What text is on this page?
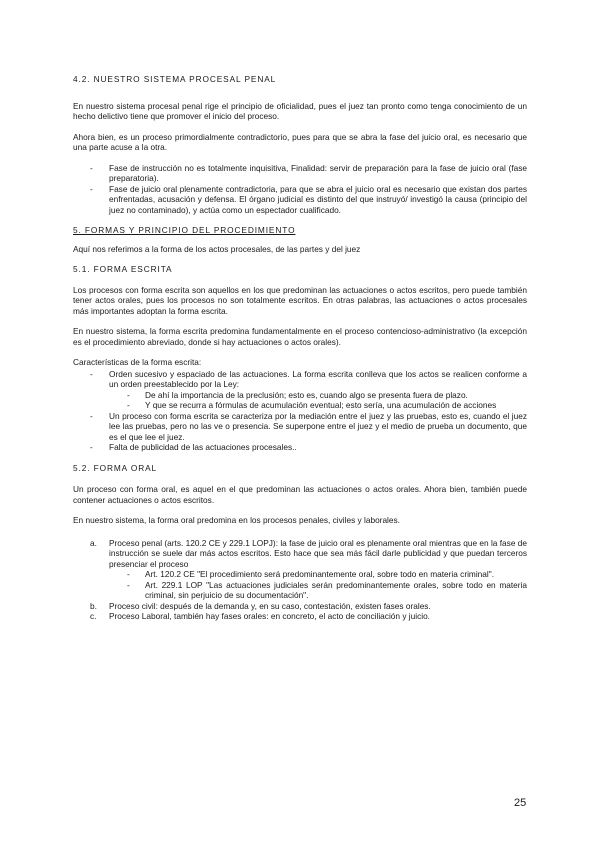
4.2. NUESTRO SISTEMA PROCESAL PENAL

En nuestro sistema procesal penal rige el principio de oficialidad, pues el juez tan pronto como tenga conocimiento de un hecho delictivo tiene que promover el inicio del proceso.

Ahora bien, es un proceso primordialmente contradictorio, pues para que se abra la fase del juicio oral, es necesario que una parte acuse a la otra.

- Fase de instrucción no es totalmente inquisitiva, Finalidad: servir de preparación para la fase de juicio oral (fase preparatoria).
- Fase de juicio oral plenamente contradictoria, para que se abra el juicio oral es necesario que existan dos partes enfrentadas, acusación y defensa. El órgano judicial es distinto del que instruyó/ investigó la causa (principio del juez no contaminado), y actúa como un espectador cualificado.
5. FORMAS Y PRINCIPIO DEL PROCEDIMIENTO

Aquí nos referimos a la forma de los actos procesales, de las partes y del juez

5.1. FORMA ESCRITA

Los procesos con forma escrita son aquellos en los que predominan las actuaciones o actos escritos, pero puede también tener actos orales, pues los procesos no son totalmente escritos. En otras palabras, las actuaciones o actos procesales más importantes adoptan la forma escrita.

En nuestro sistema, la forma escrita predomina fundamentalmente en el proceso contencioso-administrativo (la excepción es el procedimiento abreviado, donde si hay actuaciones o actos orales).

Características de la forma escrita:
- Orden sucesivo y espaciado de las actuaciones. La forma escrita conlleva que los actos se realicen conforme a un orden preestablecido por la Ley:
- De ahí la importancia de la preclusión; esto es, cuando algo se presenta fuera de plazo.
- Y que se recurra a fórmulas de acumulación eventual; esto sería, una acumulación de acciones
- Un proceso con forma escrita se caracteriza por la mediación entre el juez y las pruebas, esto es, cuando el juez lee las pruebas, pero no las ve o presencia. Se superpone entre el juez y el medio de prueba un documento, que es el que lee el juez.
- Falta de publicidad de las actuaciones procesales..
5.2. FORMA ORAL

Un proceso con forma oral, es aquel en el que predominan las actuaciones o actos orales. Ahora bien, también puede contener actuaciones o actos escritos.

En nuestro sistema, la forma oral predomina en los procesos penales, civiles y laborales.

a. Proceso penal (arts. 120.2 CE y 229.1 LOPJ): la fase de juicio oral es plenamente oral mientras que en la fase de instrucción se suele dar más actos escritos. Esto hace que sea más fácil darle publicidad y que puedan terceros presenciar el proceso
- Art. 120.2 CE "El procedimiento será predominantemente oral, sobre todo en materia criminal".
- Art. 229.1 LOP "Las actuaciones judiciales serán predominantemente orales, sobre todo en materia criminal, sin perjuicio de su documentación".
b. Proceso civil: después de la demanda y, en su caso, contestación, existen fases orales.
c. Proceso Laboral, también hay fases orales: en concreto, el acto de conciliación y juicio.
25
